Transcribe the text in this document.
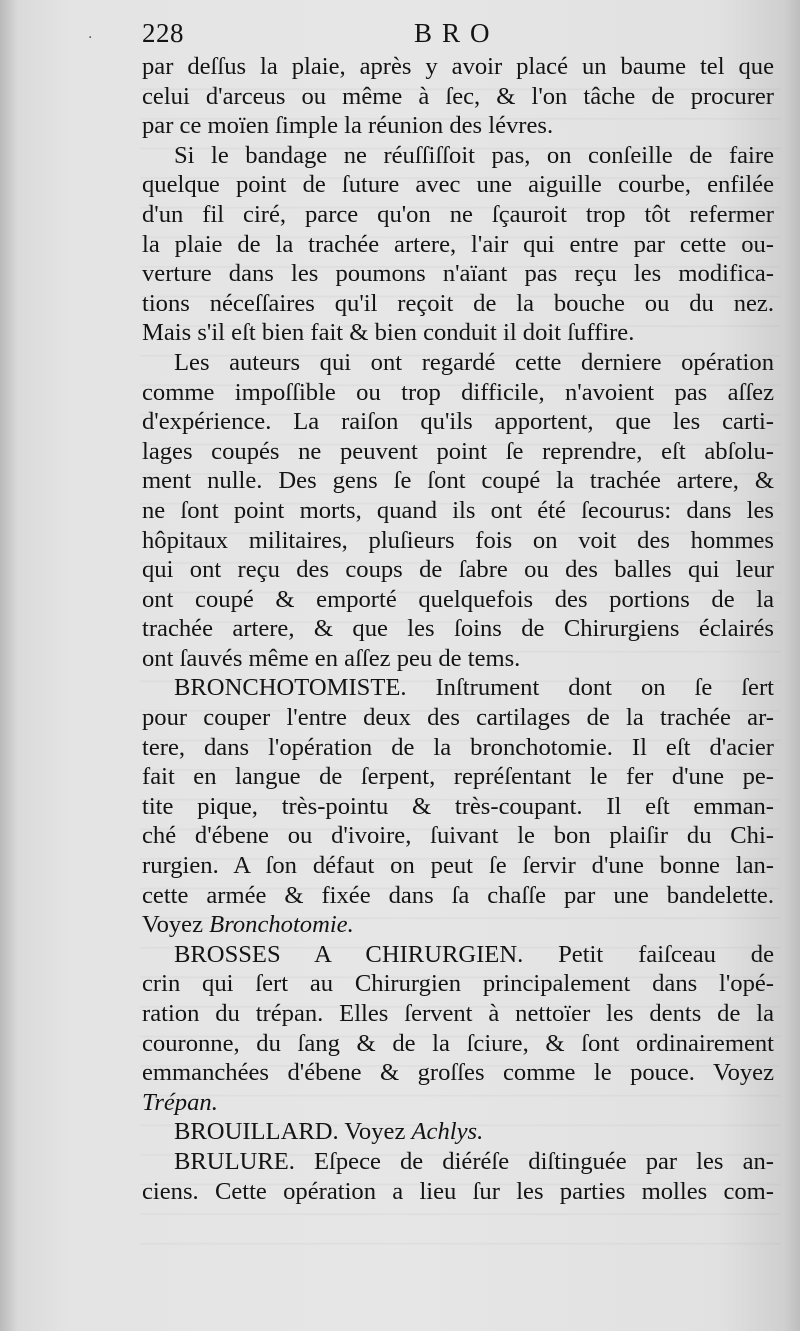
· 228	BRO
par deſſus la plaie, après y avoir placé un baume tel que
celui d'arceus ou même à ſec, & l'on tâche de procurer
par ce moïen ſimple la réunion des lévres.
Si le bandage ne réuſſiſſoit pas, on conſeille de faire
quelque point de ſuture avec une aiguille courbe, enfilée
d'un fil ciré, parce qu'on ne ſçauroit trop tôt refermer
la plaie de la trachée artere, l'air qui entre par cette ou-
verture dans les poumons n'aïant pas reçu les modifica-
tions néceſſaires qu'il reçoit de la bouche ou du nez.
Mais s'il eſt bien fait & bien conduit il doit ſuffire.
Les auteurs qui ont regardé cette derniere opération
comme impoſſible ou trop difficile, n'avoient pas aſſez
d'expérience. La raiſon qu'ils apportent, que les carti-
lages coupés ne peuvent point ſe reprendre, eſt abſolu-
ment nulle. Des gens ſe ſont coupé la trachée artere, &
ne ſont point morts, quand ils ont été ſecourus: dans les
hôpitaux militaires, pluſieurs fois on voit des hommes
qui ont reçu des coups de ſabre ou des balles qui leur
ont coupé & emporté quelquefois des portions de la
trachée artere, & que les ſoins de Chirurgiens éclairés
ont ſauvés même en aſſez peu de tems.
BRONCHOTOMISTE. Inſtrument dont on ſe ſert
pour couper l'entre deux des cartilages de la trachée ar-
tere, dans l'opération de la bronchotomie. Il eſt d'acier
fait en langue de ſerpent, repréſentant le fer d'une pe-
tite pique, très-pointu & très-coupant. Il eſt emman-
ché d'ébene ou d'ivoire, ſuivant le bon plaiſir du Chi-
rurgien. A ſon défaut on peut ſe ſervir d'une bonne lan-
cette armée & fixée dans ſa chaſſe par une bandelette.
Voyez Bronchotomie.
BROSSES A CHIRURGIEN. Petit faiſceau de
crin qui ſert au Chirurgien principalement dans l'opé-
ration du trépan. Elles ſervent à nettoïer les dents de la
couronne, du ſang & de la ſciure, & ſont ordinairement
emmanchées d'ébene & groſſes comme le pouce. Voyez
Trépan.
BROUILLARD. Voyez Achlys.
BRULURE. Eſpece de diéréſe diſtinguée par les an-
ciens. Cette opération a lieu ſur les parties molles com-
